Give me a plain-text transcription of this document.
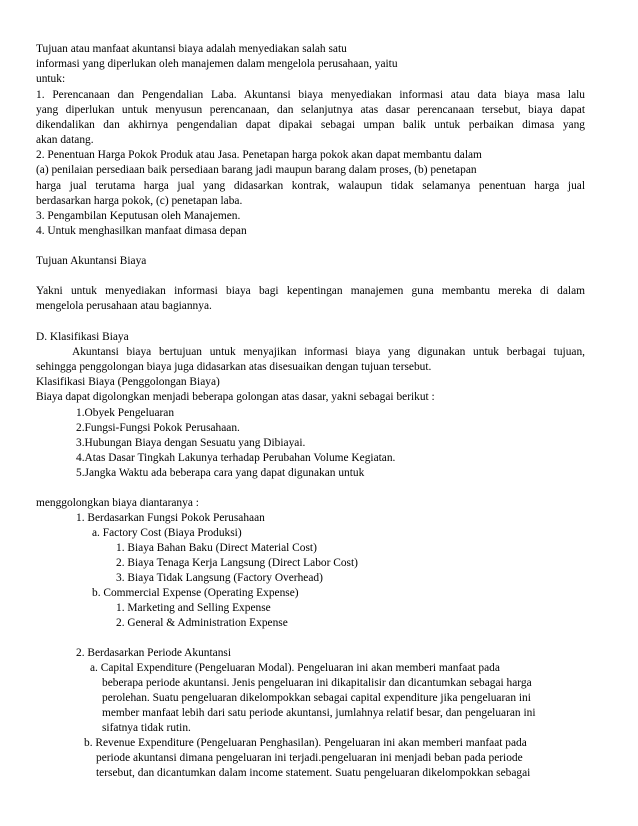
Tujuan atau manfaat akuntansi biaya adalah menyediakan salah satu
informasi yang diperlukan oleh manajemen dalam mengelola perusahaan, yaitu
untuk:
1. Perencanaan dan Pengendalian Laba. Akuntansi biaya menyediakan informasi atau data biaya masa lalu
yang diperlukan untuk menyusun perencanaan, dan selanjutnya atas dasar perencanaan tersebut, biaya dapat
dikendalikan dan akhirnya pengendalian dapat dipakai sebagai umpan balik untuk perbaikan dimasa yang
akan datang.
2. Penentuan Harga Pokok Produk atau Jasa. Penetapan harga pokok akan dapat membantu dalam
(a) penilaian persediaan baik persediaan barang jadi maupun barang dalam proses, (b) penetapan
harga jual terutama harga jual yang didasarkan kontrak, walaupun tidak selamanya penentuan harga jual
berdasarkan harga pokok, (c) penetapan laba.
3. Pengambilan Keputusan oleh Manajemen.
4. Untuk menghasilkan manfaat dimasa depan
Tujuan Akuntansi Biaya
Yakni untuk menyediakan informasi biaya bagi kepentingan manajemen guna membantu mereka di dalam
mengelola perusahaan atau bagiannya.
D. Klasifikasi Biaya
Akuntansi biaya bertujuan untuk menyajikan informasi biaya yang digunakan untuk berbagai tujuan,
sehingga penggolongan biaya juga didasarkan atas disesuaikan dengan tujuan tersebut.
Klasifikasi Biaya (Penggolongan Biaya)
Biaya dapat digolongkan menjadi beberapa golongan atas dasar, yakni sebagai berikut :
1.Obyek Pengeluaran
2.Fungsi-Fungsi Pokok Perusahaan.
3.Hubungan Biaya dengan Sesuatu yang Dibiayai.
4.Atas Dasar Tingkah Lakunya terhadap Perubahan Volume Kegiatan.
5.Jangka Waktu ada beberapa cara yang dapat digunakan untuk
menggolongkan biaya diantaranya :
1. Berdasarkan Fungsi Pokok Perusahaan
a. Factory Cost (Biaya Produksi)
1. Biaya Bahan Baku (Direct Material Cost)
2. Biaya Tenaga Kerja Langsung (Direct Labor Cost)
3. Biaya Tidak Langsung (Factory Overhead)
b. Commercial Expense (Operating Expense)
1. Marketing and Selling Expense
2. General & Administration Expense
2. Berdasarkan Periode Akuntansi
a. Capital Expenditure (Pengeluaran Modal). Pengeluaran ini akan memberi manfaat pada
beberapa periode akuntansi. Jenis pengeluaran ini dikapitalisir dan dicantumkan sebagai harga
perolehan. Suatu pengeluaran dikelompokkan sebagai capital expenditure jika pengeluaran ini
member manfaat lebih dari satu periode akuntansi, jumlahnya relatif besar, dan pengeluaran ini
sifatnya tidak rutin.
b. Revenue Expenditure (Pengeluaran Penghasilan). Pengeluaran ini akan memberi manfaat pada
periode akuntansi dimana pengeluaran ini terjadi.pengeluaran ini menjadi beban pada periode
tersebut, dan dicantumkan dalam income statement. Suatu pengeluaran dikelompokkan sebagai
